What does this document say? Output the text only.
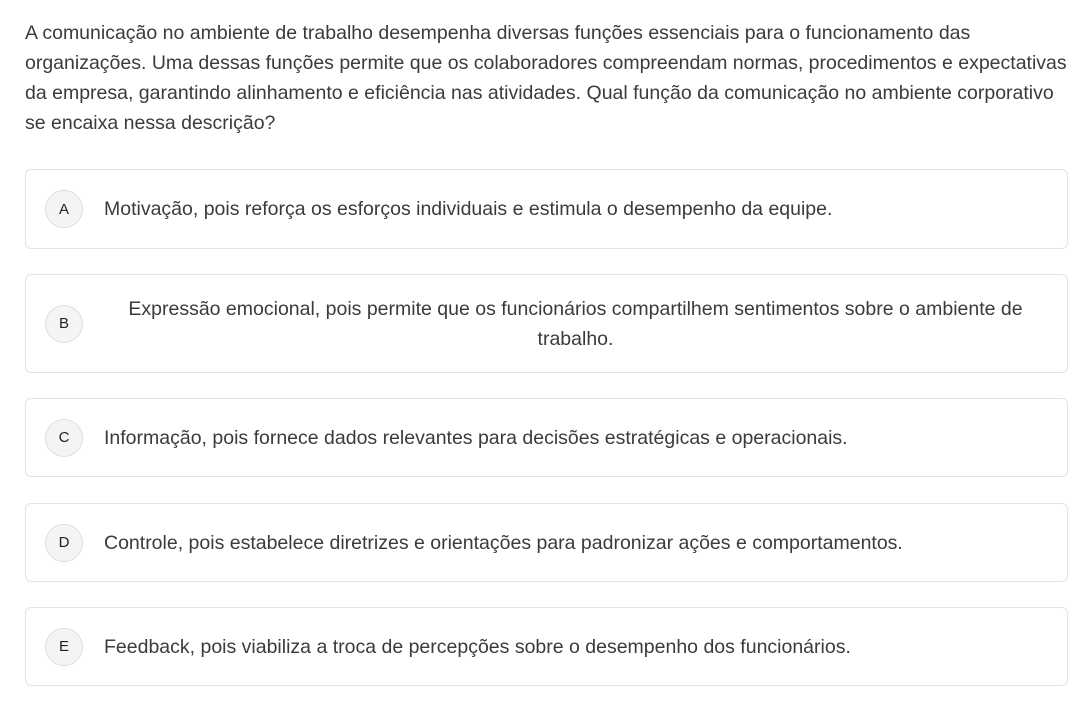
A comunicação no ambiente de trabalho desempenha diversas funções essenciais para o funcionamento das organizações. Uma dessas funções permite que os colaboradores compreendam normas, procedimentos e expectativas da empresa, garantindo alinhamento e eficiência nas atividades. Qual função da comunicação no ambiente corporativo se encaixa nessa descrição?

A	Motivação, pois reforça os esforços individuais e estimula o desempenho da equipe.
B
Expressão emocional, pois permite que os funcionários compartilhem sentimentos sobre o ambiente de trabalho.
C	Informação, pois fornece dados relevantes para decisões estratégicas e operacionais.
D	Controle, pois estabelece diretrizes e orientações para padronizar ações e comportamentos.
E	Feedback, pois viabiliza a troca de percepções sobre o desempenho dos funcionários.
